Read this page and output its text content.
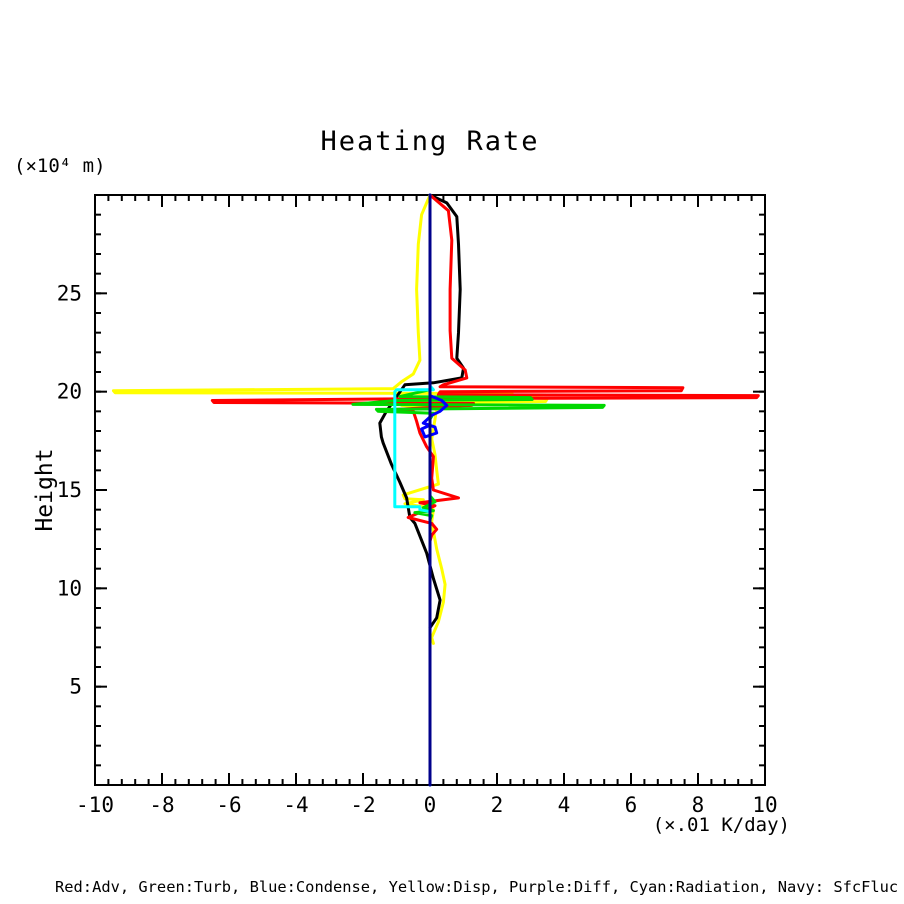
Heating Rate
(×10⁴ m)
Height
(×.01 K/day)
Red:Adv, Green:Turb, Blue:Condense, Yellow:Disp, Purple:Diff, Cyan:Radiation, Navy: SfcFluc
-10 -8 -6 -4 -2 0	2	4	6	8 10
5
10
15
20
25
